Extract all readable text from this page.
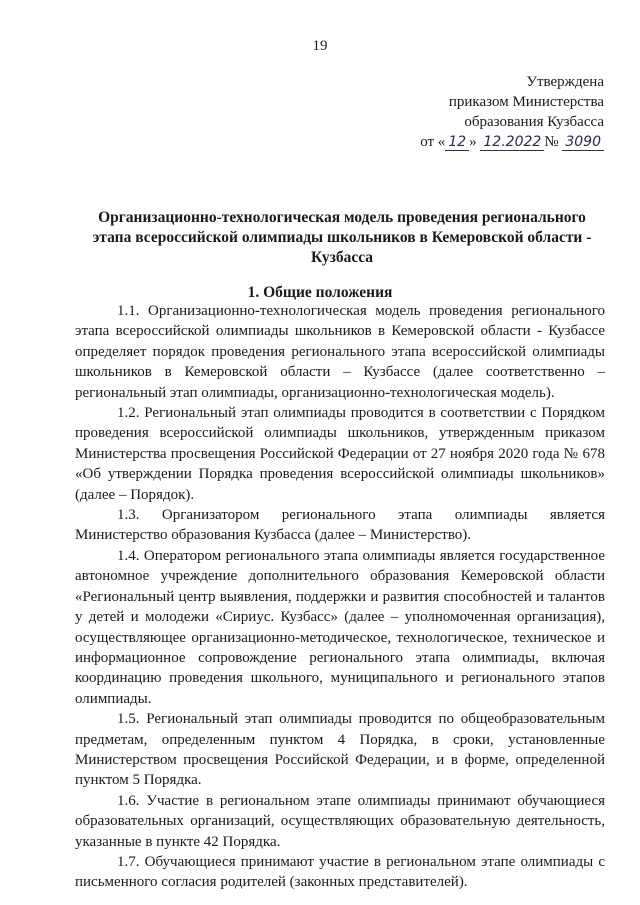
19
Утверждена
приказом Министерства
образования Кузбасса
от « 12 » 12.2022 № 3090
Организационно-технологическая модель проведения регионального этапа всероссийской олимпиады школьников в Кемеровской области - Кузбасса
1. Общие положения

1.1. Организационно-технологическая модель проведения регионального этапа всероссийской олимпиады школьников в Кемеровской области - Кузбассе определяет порядок проведения регионального этапа всероссийской олимпиады школьников в Кемеровской области – Кузбассе (далее соответственно – региональный этап олимпиады, организационно-технологическая модель).

1.2. Региональный этап олимпиады проводится в соответствии с Порядком проведения всероссийской олимпиады школьников, утвержденным приказом Министерства просвещения Российской Федерации от 27 ноября 2020 года № 678 «Об утверждении Порядка проведения всероссийской олимпиады школьников» (далее – Порядок).

1.3. Организатором регионального этапа олимпиады является Министерство образования Кузбасса (далее – Министерство).

1.4. Оператором регионального этапа олимпиады является государственное автономное учреждение дополнительного образования Кемеровской области «Региональный центр выявления, поддержки и развития способностей и талантов у детей и молодежи «Сириус. Кузбасс» (далее – уполномоченная организация), осуществляющее организационно-методическое, технологическое, техническое и информационное сопровождение регионального этапа олимпиады, включая координацию проведения школьного, муниципального и регионального этапов олимпиады.

1.5. Региональный этап олимпиады проводится по общеобразовательным предметам, определенным пунктом 4 Порядка, в сроки, установленные Министерством просвещения Российской Федерации, и в форме, определенной пунктом 5 Порядка.

1.6. Участие в региональном этапе олимпиады принимают обучающиеся образовательных организаций, осуществляющих образовательную деятельность, указанные в пункте 42 Порядка.

1.7. Обучающиеся принимают участие в региональном этапе олимпиады с письменного согласия родителей (законных представителей).
